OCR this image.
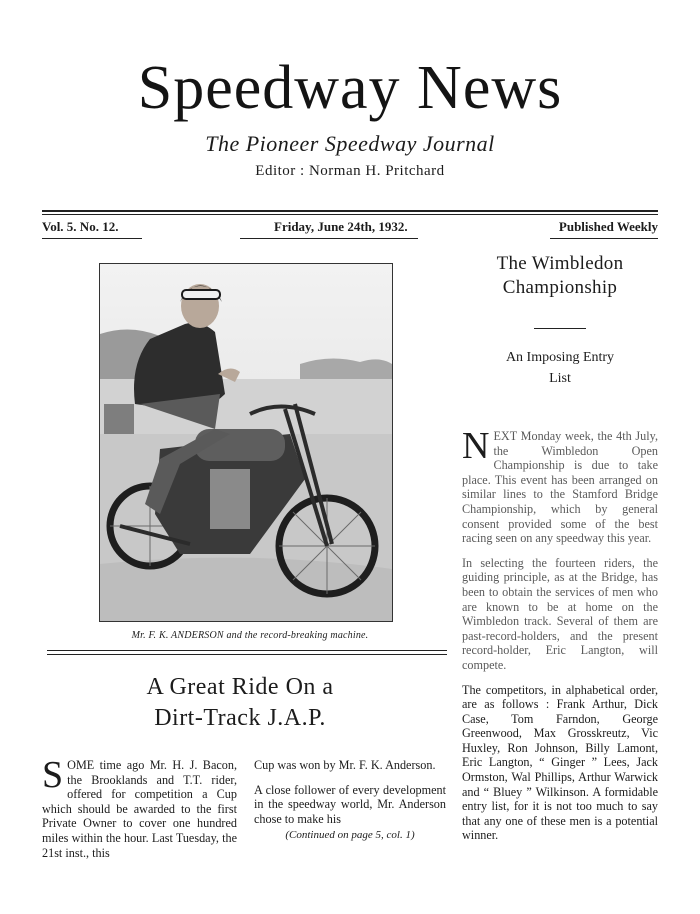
Speedway News
The Pioneer Speedway Journal
Editor : Norman H. Pritchard
Vol. 5. No. 12.	Friday, June 24th, 1932.	Published Weekly
Mr. F. K. ANDERSON and the record-breaking machine.
A Great Ride On a
Dirt-Track J.A.P.

SOME time ago Mr. H. J. Bacon, the Brooklands and T.T. rider, offered for competition a Cup which should be awarded to the first Private Owner to cover one hundred miles within the hour. Last Tuesday, the 21st inst., this

Cup was won by Mr. F. K. Anderson.

A close follower of every development in the speedway world, Mr. Anderson chose to make his

(Continued on page 5, col. 1)
The Wimbledon
Championship
An Imposing Entry
List

NEXT Monday week, the 4th July, the Wimbledon Open Championship is due to take place. This event has been arranged on similar lines to the Stamford Bridge Championship, which by general consent provided some of the best racing seen on any speedway this year.

In selecting the fourteen riders, the guiding principle, as at the Bridge, has been to obtain the services of men who are known to be at home on the Wimbledon track. Several of them are past-record-holders, and the present record-holder, Eric Langton, will compete.

The competitors, in alphabetical order, are as follows : Frank Arthur, Dick Case, Tom Farndon, George Greenwood, Max Grosskreutz, Vic Huxley, Ron Johnson, Billy Lamont, Eric Langton, “ Ginger ” Lees, Jack Ormston, Wal Phillips, Arthur Warwick and “ Bluey ” Wilkinson. A formidable entry list, for it is not too much to say that any one of these men is a potential winner.
